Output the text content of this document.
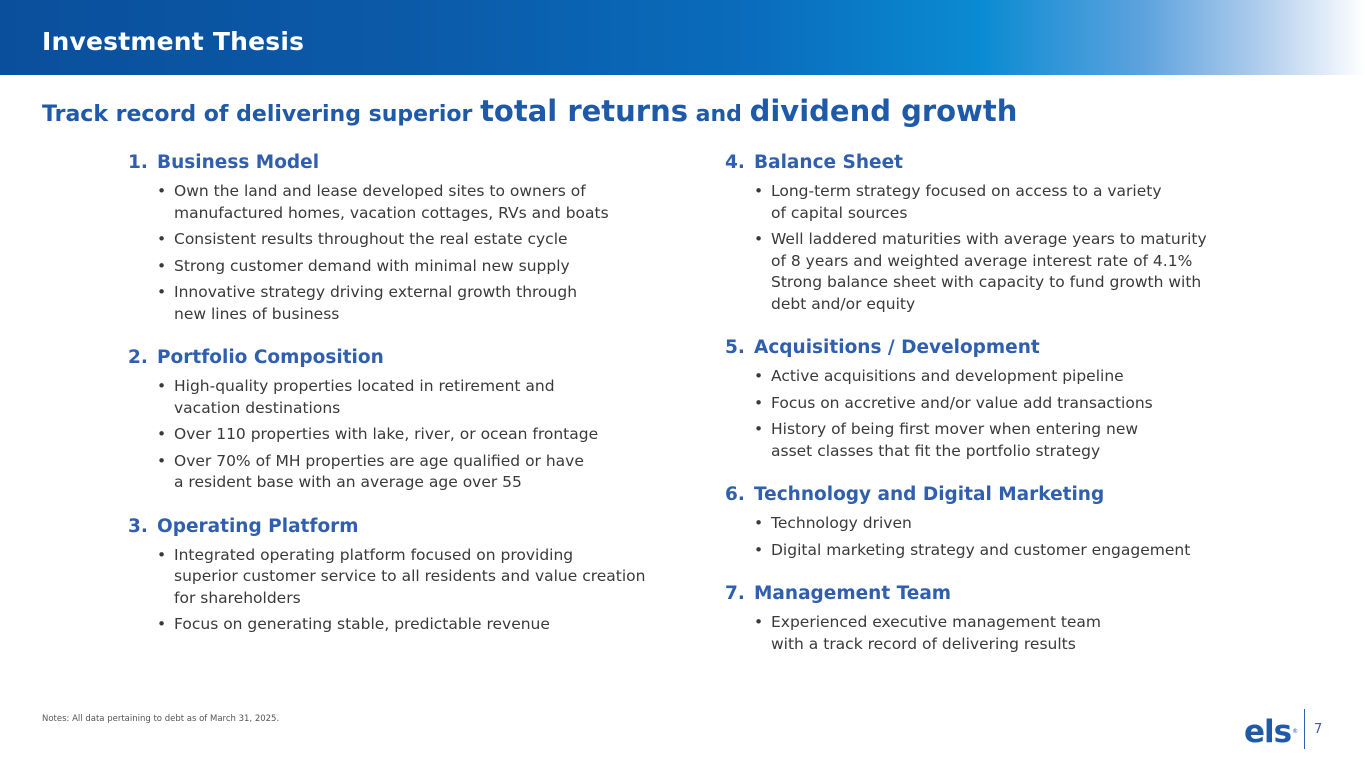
Investment Thesis
Track record of delivering superior total returns and dividend growth
1. Business Model
• Own the land and lease developed sites to owners of
manufactured homes, vacation cottages, RVs and boats
• Consistent results throughout the real estate cycle
• Strong customer demand with minimal new supply
• Innovative strategy driving external growth through
new lines of business
2. Portfolio Composition
• High-quality properties located in retirement and
vacation destinations
• Over 110 properties with lake, river, or ocean frontage
• Over 70% of MH properties are age qualified or have
a resident base with an average age over 55
3. Operating Platform
• Integrated operating platform focused on providing
superior customer service to all residents and value creation
for shareholders
• Focus on generating stable, predictable revenue
4. Balance Sheet
• Long-term strategy focused on access to a variety
of capital sources
• Well laddered maturities with average years to maturity
of 8 years and weighted average interest rate of 4.1%
Strong balance sheet with capacity to fund growth with
debt and/or equity
5. Acquisitions / Development
• Active acquisitions and development pipeline
• Focus on accretive and/or value add transactions
• History of being first mover when entering new
asset classes that fit the portfolio strategy
6. Technology and Digital Marketing
• Technology driven
• Digital marketing strategy and customer engagement
7. Management Team
• Experienced executive management team
with a track record of delivering results
Notes: All data pertaining to debt as of March 31, 2025.	els® 7
